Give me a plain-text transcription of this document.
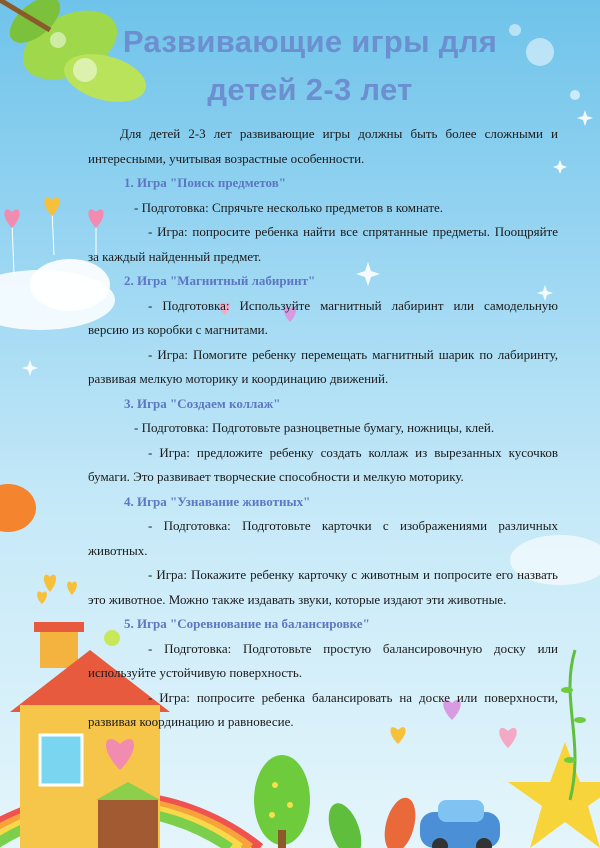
Развивающие игры для
детей 2-3 лет

Для детей 2-3 лет развивающие игры должны быть более сложными и интересными, учитывая возрастные особенности.

1. Игра "Поиск предметов"

- Подготовка: Спрячьте несколько предметов в комнате.

- Игра: попросите ребенка найти все спрятанные предметы. Поощряйте за каждый найденный предмет.

2. Игра "Магнитный лабиринт"

- Подготовка: Используйте магнитный лабиринт или самодельную версию из коробки с магнитами.

- Игра: Помогите ребенку перемещать магнитный шарик по лабиринту, развивая мелкую моторику и координацию движений.

3. Игра "Создаем коллаж"

- Подготовка: Подготовьте разноцветные бумагу, ножницы, клей.

- Игра: предложите ребенку создать коллаж из вырезанных кусочков бумаги. Это развивает творческие способности и мелкую моторику.

4. Игра "Узнавание животных"

- Подготовка: Подготовьте карточки с изображениями различных животных.

- Игра: Покажите ребенку карточку с животным и попросите его назвать это животное. Можно также издавать звуки, которые издают эти животные.

5. Игра "Соревнование на балансировке"

- Подготовка: Подготовьте простую балансировочную доску или используйте устойчивую поверхность.

- Игра: попросите ребенка балансировать на доске или поверхности, развивая координацию и равновесие.
